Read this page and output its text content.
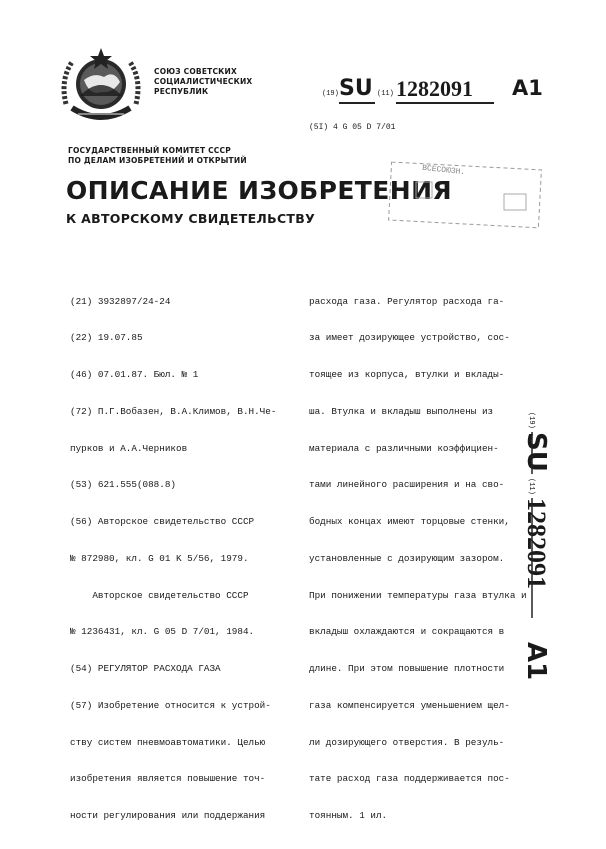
СОЮЗ СОВЕТСКИХ
СОЦИАЛИСТИЧЕСКИХ
РЕСПУБЛИК	(19) SU (11) 1282091 A1
(5I) 4 G 05 D 7/01
ГОСУДАРСТВЕННЫЙ КОМИТЕТ СССР
ПО ДЕЛАМ ИЗОБРЕТЕНИЙ И ОТКРЫТИЙ
ОПИСАНИЕ ИЗОБРЕТЕНИЯ
К АВТОРСКОМУ СВИДЕТЕЛЬСТВУ
ВСЕСОЮЗН.

(21) 3932897/24-24

(22) 19.07.85

(46) 07.01.87. Бюл. № 1

(72) П.Г.Вобазен, В.А.Климов, В.Н.Че-

пурков и А.А.Черников

(53) 621.555(088.8)

(56) Авторское свидетельство СССР

№ 872980, кл. G 01 K 5/56, 1979.

Авторское свидетельство СССР

№ 1236431, кл. G 05 D 7/01, 1984.

(54) РЕГУЛЯТОР РАСХОДА ГАЗА

(57) Изобретение относится к устрой-

ству систем пневмоавтоматики. Целью

изобретения является повышение точ-

ности регулирования или поддержания

расхода газа. Регулятор расхода га-

за имеет дозирующее устройство, сос-

тоящее из корпуса, втулки и вклады-

ша. Втулка и вкладыш выполнены из

материала с различными коэффициен-

тами линейного расширения и на сво-

бодных концах имеют торцовые стенки,

установленные с дозирующим зазором.

При понижении температуры газа втулка и

вкладыш охлаждаются и сокращаются в

длине. При этом повышение плотности

газа компенсируется уменьшением щел-

ли дозирующего отверстия. В резуль-

тате расход газа поддерживается пос-

тоянным. 1 ил.

(19)
SU
(11)
1282091
A1
